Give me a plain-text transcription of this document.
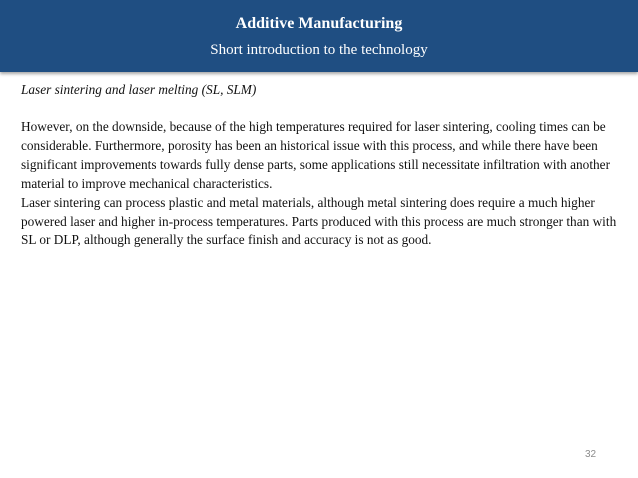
Additive Manufacturing
Short introduction to the technology

Laser sintering and laser melting (SL, SLM)

However, on the downside, because of the high temperatures required for laser sintering, cooling times can be considerable. Furthermore, porosity has been an historical issue with this process, and while there have been significant improvements towards fully dense parts, some applications still necessitate infiltration with another material to improve mechanical characteristics.

Laser sintering can process plastic and metal materials, although metal sintering does require a much higher powered laser and higher in-process temperatures. Parts produced with this process are much stronger than with SL or DLP, although generally the surface finish and accuracy is not as good.

32
